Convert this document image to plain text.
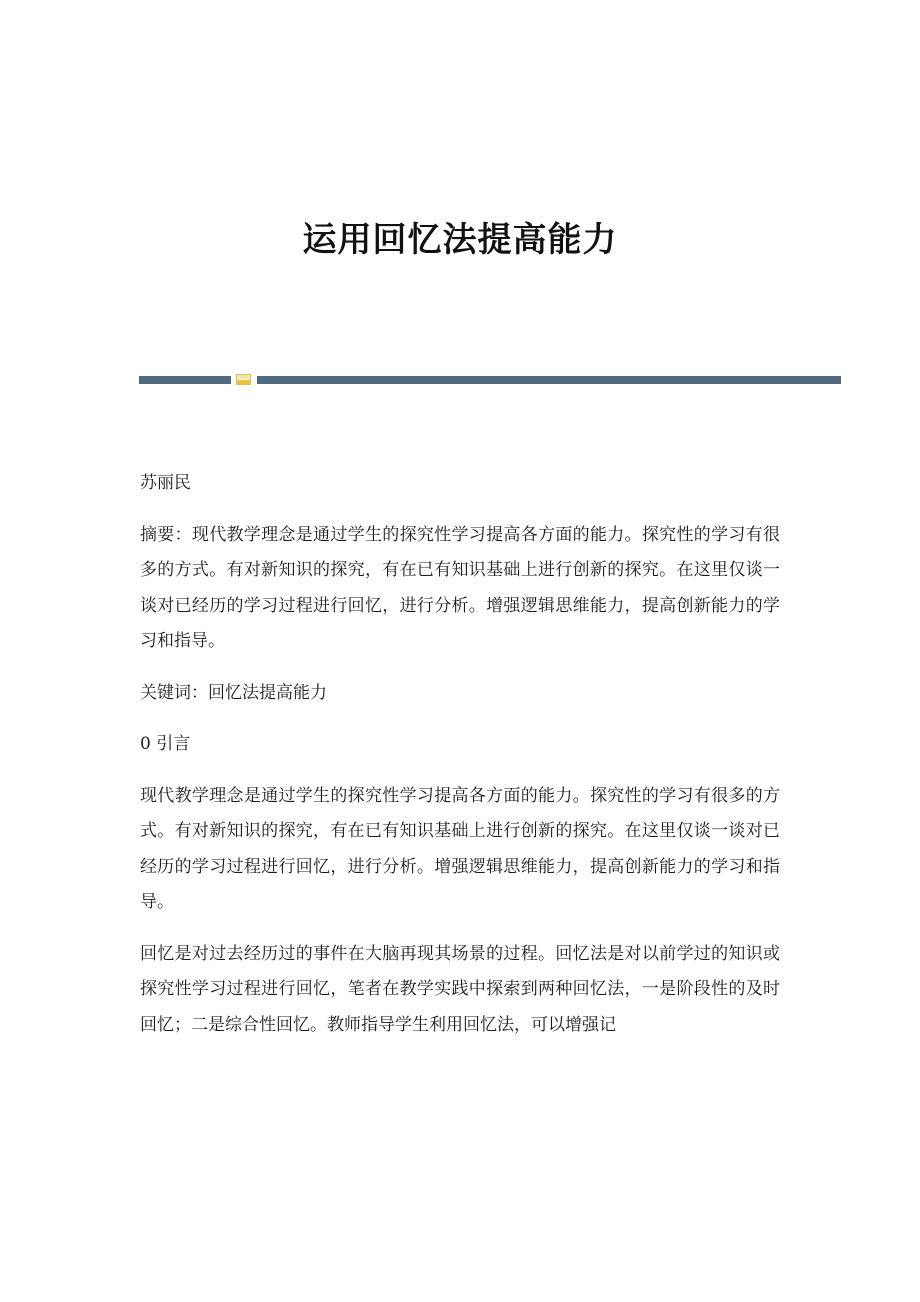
运用回忆法提高能力

苏丽民

摘要：现代教学理念是通过学生的探究性学习提高各方面的能力。探究性的学习有很多的方式。有对新知识的探究，有在已有知识基础上进行创新的探究。在这里仅谈一谈对已经历的学习过程进行回忆，进行分析。增强逻辑思维能力，提高创新能力的学习和指导。

关键词：回忆法提高能力

0 引言

现代教学理念是通过学生的探究性学习提高各方面的能力。探究性的学习有很多的方式。有对新知识的探究，有在已有知识基础上进行创新的探究。在这里仅谈一谈对已经历的学习过程进行回忆，进行分析。增强逻辑思维能力，提高创新能力的学习和指导。

回忆是对过去经历过的事件在大脑再现其场景的过程。回忆法是对以前学过的知识或探究性学习过程进行回忆，笔者在教学实践中探索到两种回忆法，一是阶段性的及时回忆；二是综合性回忆。教师指导学生利用回忆法，可以增强记
